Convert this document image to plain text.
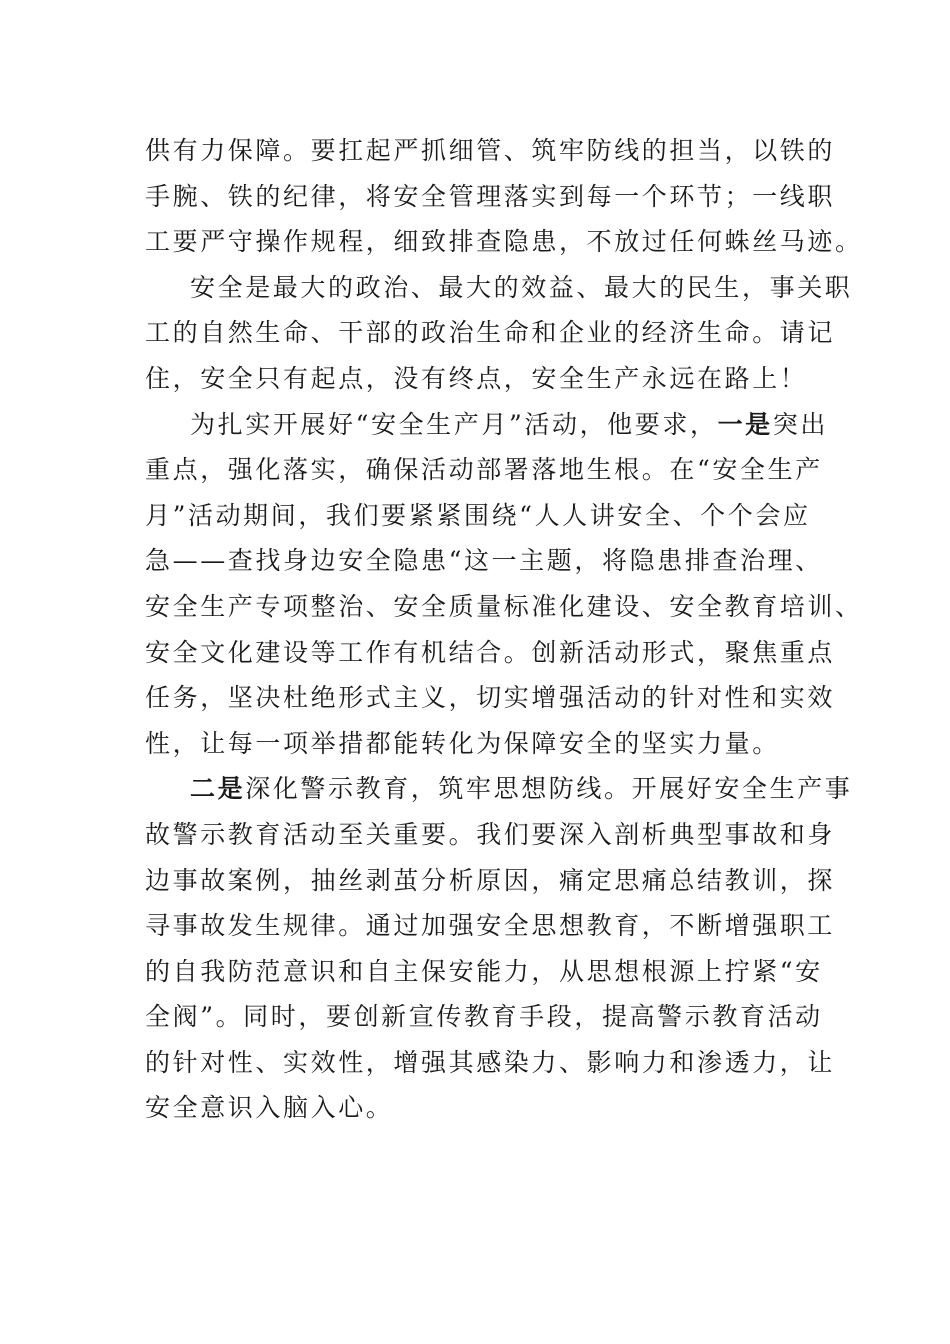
供有力保障。要扛起严抓细管、筑牢防线的担当，以铁的
手腕、铁的纪律，将安全管理落实到每一个环节；一线职
工要严守操作规程，细致排查隐患，不放过任何蛛丝马迹。
安全是最大的政治、最大的效益、最大的民生，事关职
工的自然生命、干部的政治生命和企业的经济生命。请记
住，安全只有起点，没有终点，安全生产永远在路上！
为扎实开展好“安全生产月”活动，他要求，一是突出
重点，强化落实，确保活动部署落地生根。在“安全生产
月”活动期间，我们要紧紧围绕“人人讲安全、个个会应
急——查找身边安全隐患“这一主题，将隐患排查治理、
安全生产专项整治、安全质量标准化建设、安全教育培训、
安全文化建设等工作有机结合。创新活动形式，聚焦重点
任务，坚决杜绝形式主义，切实增强活动的针对性和实效
性，让每一项举措都能转化为保障安全的坚实力量。
二是深化警示教育，筑牢思想防线。开展好安全生产事
故警示教育活动至关重要。我们要深入剖析典型事故和身
边事故案例，抽丝剥茧分析原因，痛定思痛总结教训，探
寻事故发生规律。通过加强安全思想教育，不断增强职工
的自我防范意识和自主保安能力，从思想根源上拧紧“安
全阀”。同时，要创新宣传教育手段，提高警示教育活动
的针对性、实效性，增强其感染力、影响力和渗透力，让
安全意识入脑入心。
